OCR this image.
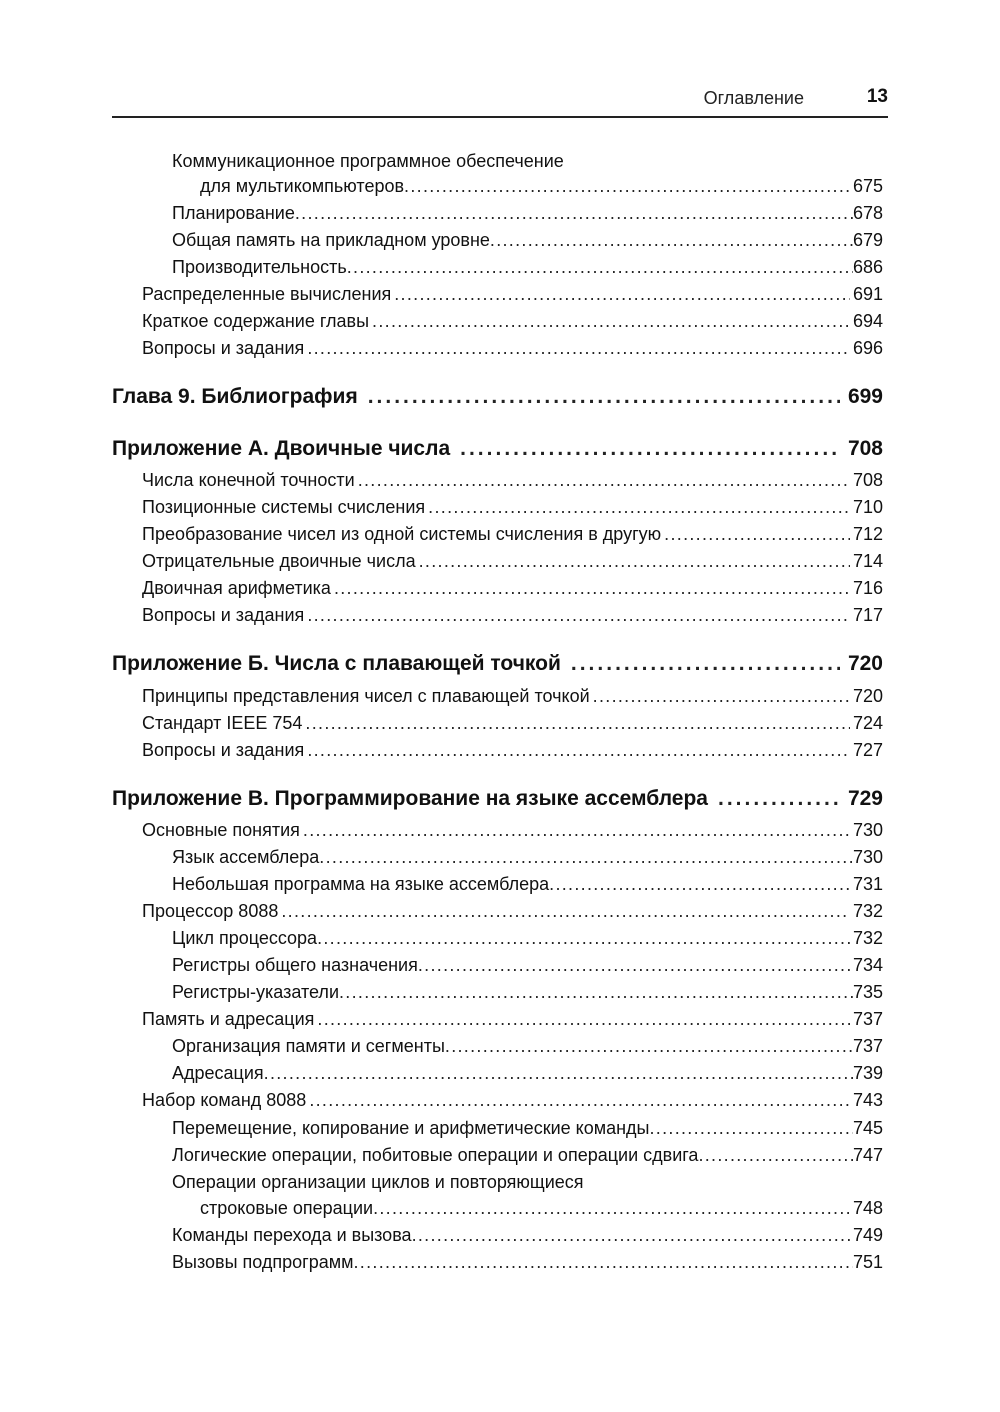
Оглавление	13
Коммуникационное программное обеспечение
для мультикомпьютеров .....	675
Планирование .....	678
Общая память на прикладном уровне .....	679
Производительность .....	686
Распределенные вычисления .....	691
Краткое содержание главы .....	694
Вопросы и задания .....	696
Глава 9. Библиография .....	699
Приложение А. Двоичные числа .....	708
Числа конечной точности .....	708
Позиционные системы счисления .....	710
Преобразование чисел из одной системы счисления в другую .....	712
Отрицательные двоичные числа .....	714
Двоичная арифметика .....	716
Вопросы и задания .....	717
Приложение Б. Числа с плавающей точкой .....	720
Принципы представления чисел с плавающей точкой .....	720
Стандарт IEEE 754 .....	724
Вопросы и задания .....	727
Приложение В. Программирование на языке ассемблера .....	729
Основные понятия .....	730
Язык ассемблера .....	730
Небольшая программа на языке ассемблера .....	731
Процессор 8088 .....	732
Цикл процессора .....	732
Регистры общего назначения .....	734
Регистры-указатели .....	735
Память и адресация .....	737
Организация памяти и сегменты .....	737
Адресация .....	739
Набор команд 8088 .....	743
Перемещение, копирование и арифметические команды .....	745
Логические операции, побитовые операции и операции сдвига .....	747
Операции организации циклов и повторяющиеся
строковые операции .....	748
Команды перехода и вызова .....	749
Вызовы подпрограмм .....	751
